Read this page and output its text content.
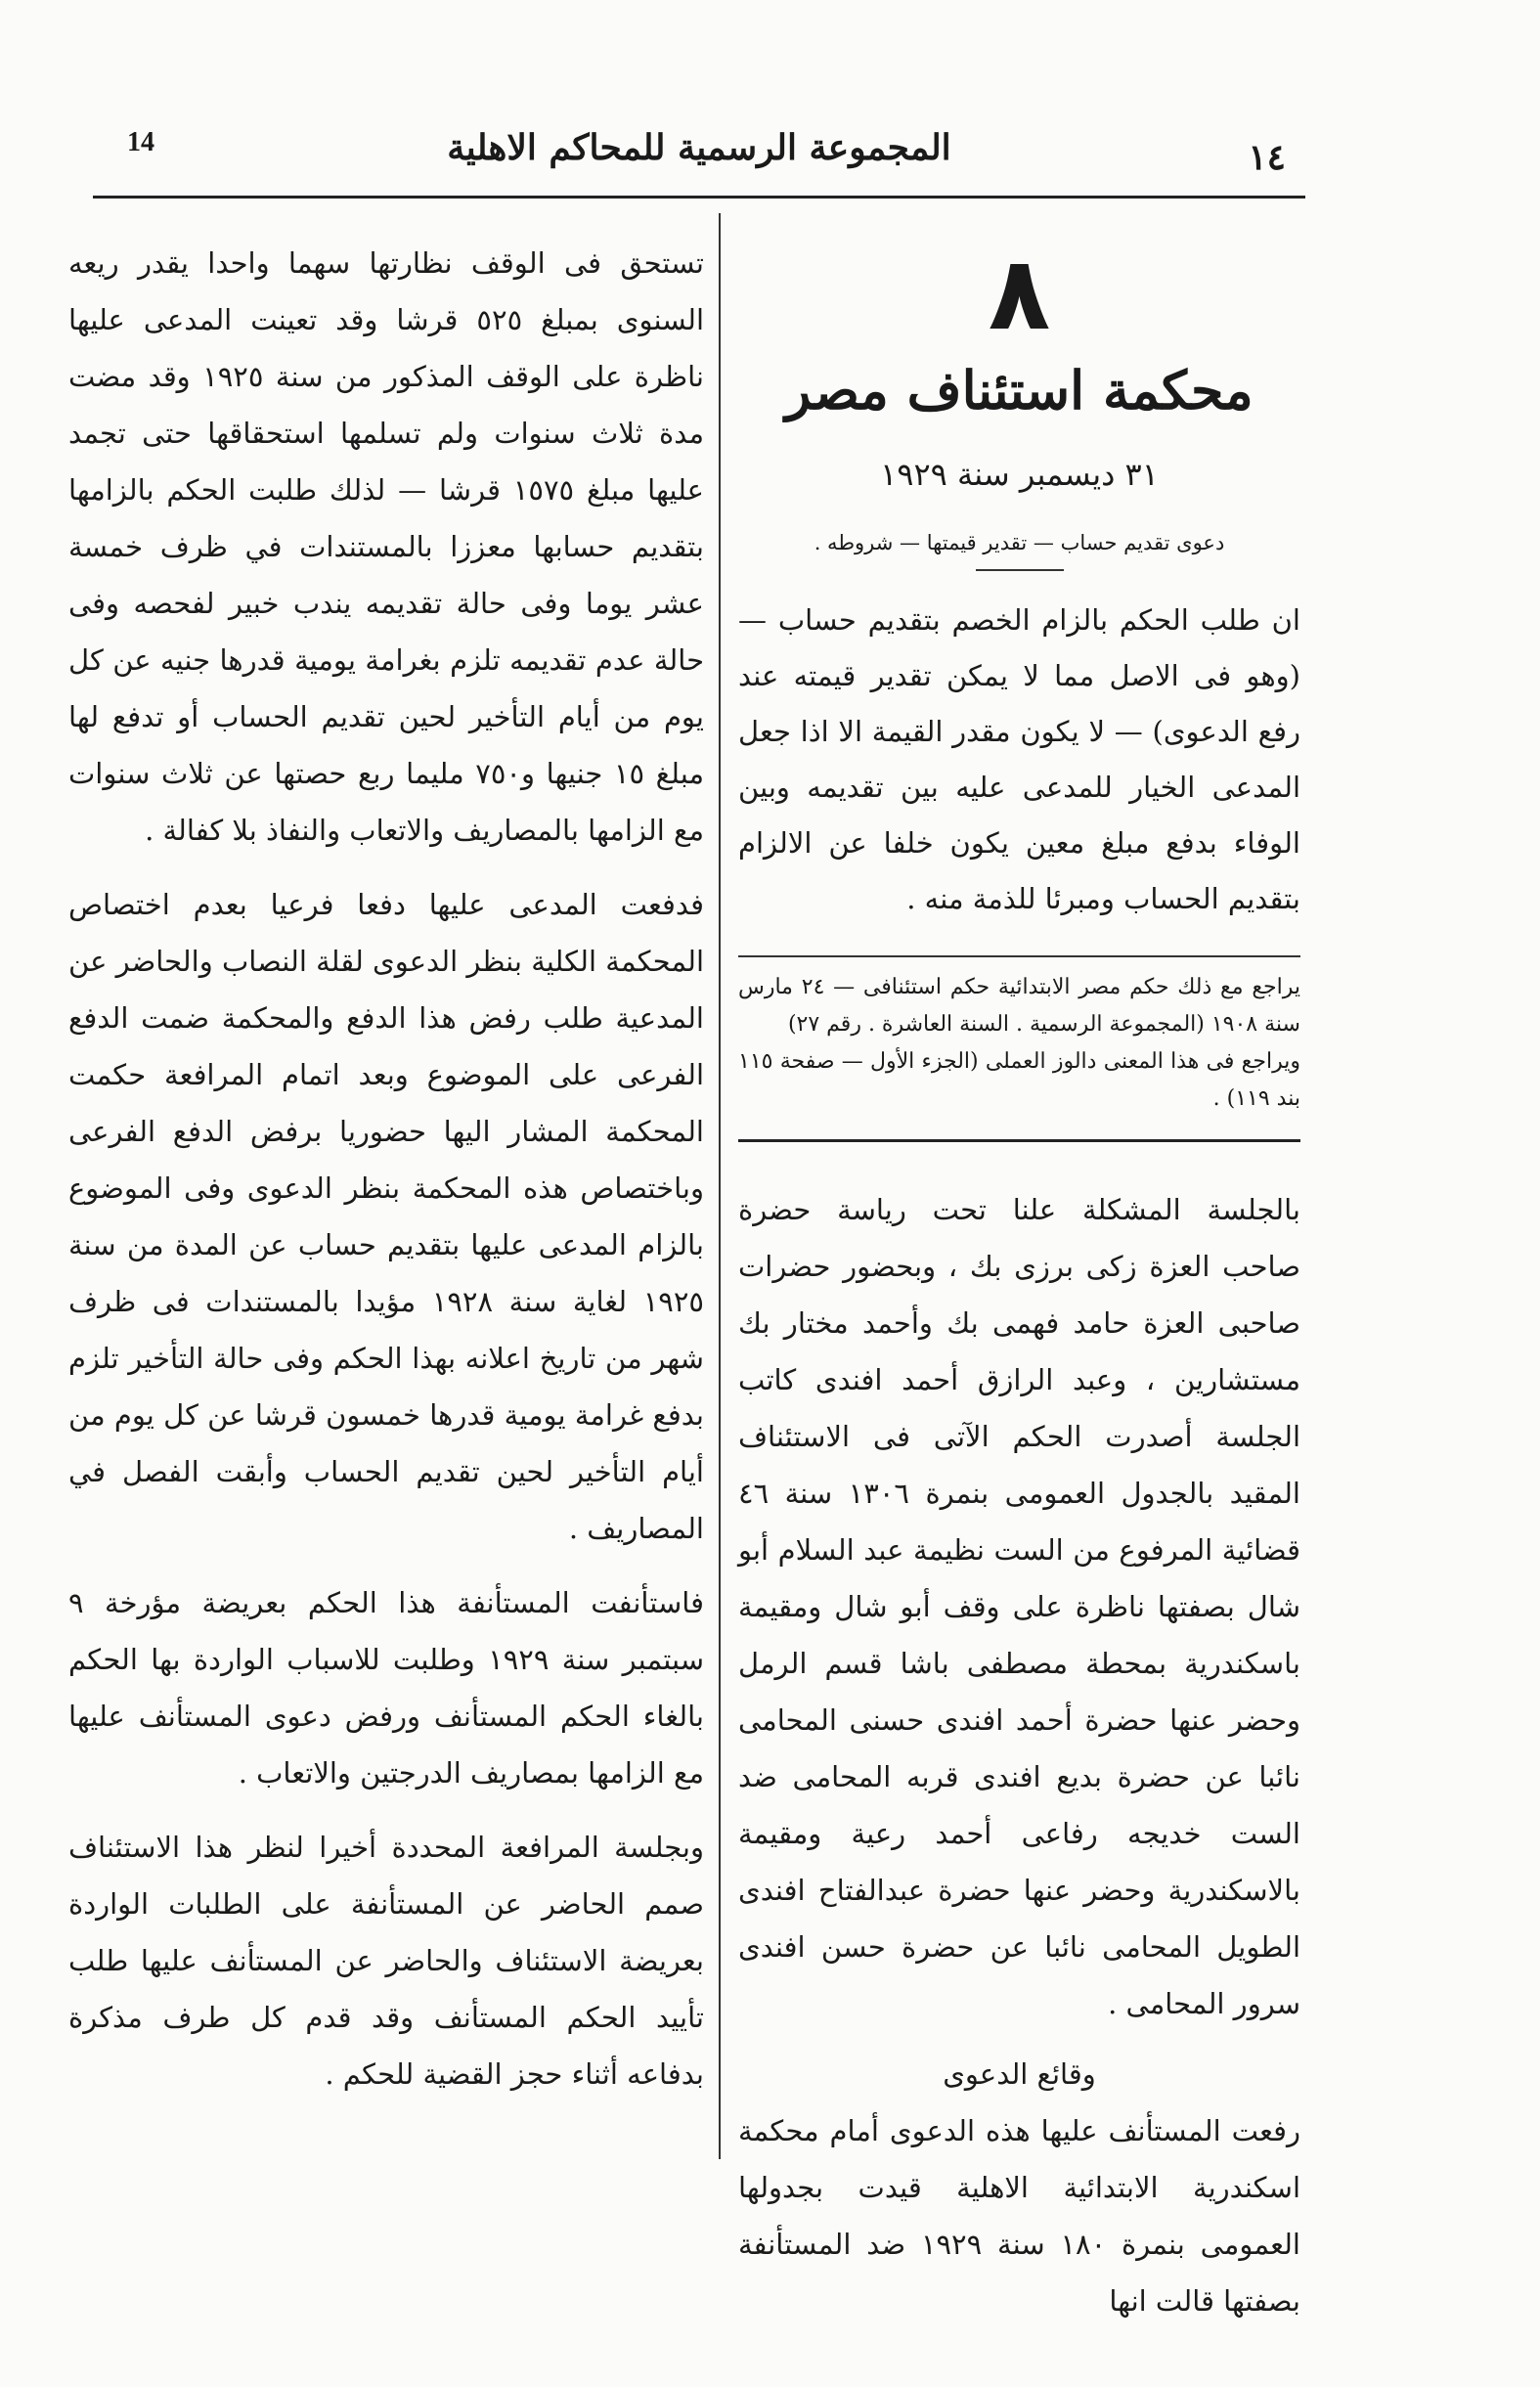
14	المجموعة الرسمية للمحاكم الاهلية	١٤
٨
محكمة استئناف مصر
٣١ ديسمبر سنة ١٩٢٩
دعوى تقديم حساب — تقدير قيمتها — شروطه .

ان طلب الحكم بالزام الخصم بتقديم حساب — (وهو فى الاصل مما لا يمكن تقدير قيمته عند رفع الدعوى) — لا يكون مقدر القيمة الا اذا جعل المدعى الخيار للمدعى عليه بين تقديمه وبين الوفاء بدفع مبلغ معين يكون خلفا عن الالزام بتقديم الحساب ومبرئا للذمة منه .

يراجع مع ذلك حكم مصر الابتدائية حكم استئنافى — ٢٤ مارس سنة ١٩٠٨ (المجموعة الرسمية . السنة العاشرة . رقم ٢٧)

ويراجع فى هذا المعنى دالوز العملى (الجزء الأول — صفحة ١١٥ بند ١١٩) .

بالجلسة المشكلة علنا تحت رياسة حضرة صاحب العزة زكى برزى بك ، وبحضور حضرات صاحبى العزة حامد فهمى بك وأحمد مختار بك مستشارين ، وعبد الرازق أحمد افندى كاتب الجلسة أصدرت الحكم الآتى فى الاستئناف المقيد بالجدول العمومى بنمرة ١٣٠٦ سنة ٤٦ قضائية المرفوع من الست نظيمة عبد السلام أبو شال بصفتها ناظرة على وقف أبو شال ومقيمة باسكندرية بمحطة مصطفى باشا قسم الرمل وحضر عنها حضرة أحمد افندى حسنى المحامى نائبا عن حضرة بديع افندى قربه المحامى ضد الست خديجه رفاعى أحمد رعية ومقيمة بالاسكندرية وحضر عنها حضرة عبدالفتاح افندى الطويل المحامى نائبا عن حضرة حسن افندى سرور المحامى .

وقائع الدعوى

رفعت المستأنف عليها هذه الدعوى أمام محكمة اسكندرية الابتدائية الاهلية قيدت بجدولها العمومى بنمرة ١٨٠ سنة ١٩٢٩ ضد المستأنفة بصفتها قالت انها

تستحق فى الوقف نظارتها سهما واحدا يقدر ريعه السنوى بمبلغ ٥٢٥ قرشا وقد تعينت المدعى عليها ناظرة على الوقف المذكور من سنة ١٩٢٥ وقد مضت مدة ثلاث سنوات ولم تسلمها استحقاقها حتى تجمد عليها مبلغ ١٥٧٥ قرشا — لذلك طلبت الحكم بالزامها بتقديم حسابها معززا بالمستندات في ظرف خمسة عشر يوما وفى حالة تقديمه يندب خبير لفحصه وفى حالة عدم تقديمه تلزم بغرامة يومية قدرها جنيه عن كل يوم من أيام التأخير لحين تقديم الحساب أو تدفع لها مبلغ ١٥ جنيها و٧٥٠ مليما ربع حصتها عن ثلاث سنوات مع الزامها بالمصاريف والاتعاب والنفاذ بلا كفالة .

فدفعت المدعى عليها دفعا فرعيا بعدم اختصاص المحكمة الكلية بنظر الدعوى لقلة النصاب والحاضر عن المدعية طلب رفض هذا الدفع والمحكمة ضمت الدفع الفرعى على الموضوع وبعد اتمام المرافعة حكمت المحكمة المشار اليها حضوريا برفض الدفع الفرعى وباختصاص هذه المحكمة بنظر الدعوى وفى الموضوع بالزام المدعى عليها بتقديم حساب عن المدة من سنة ١٩٢٥ لغاية سنة ١٩٢٨ مؤيدا بالمستندات فى ظرف شهر من تاريخ اعلانه بهذا الحكم وفى حالة التأخير تلزم بدفع غرامة يومية قدرها خمسون قرشا عن كل يوم من أيام التأخير لحين تقديم الحساب وأبقت الفصل في المصاريف .

فاستأنفت المستأنفة هذا الحكم بعريضة مؤرخة ٩ سبتمبر سنة ١٩٢٩ وطلبت للاسباب الواردة بها الحكم بالغاء الحكم المستأنف ورفض دعوى المستأنف عليها مع الزامها بمصاريف الدرجتين والاتعاب .

وبجلسة المرافعة المحددة أخيرا لنظر هذا الاستئناف صمم الحاضر عن المستأنفة على الطلبات الواردة بعريضة الاستئناف والحاضر عن المستأنف عليها طلب تأييد الحكم المستأنف وقد قدم كل طرف مذكرة بدفاعه أثناء حجز القضية للحكم .
